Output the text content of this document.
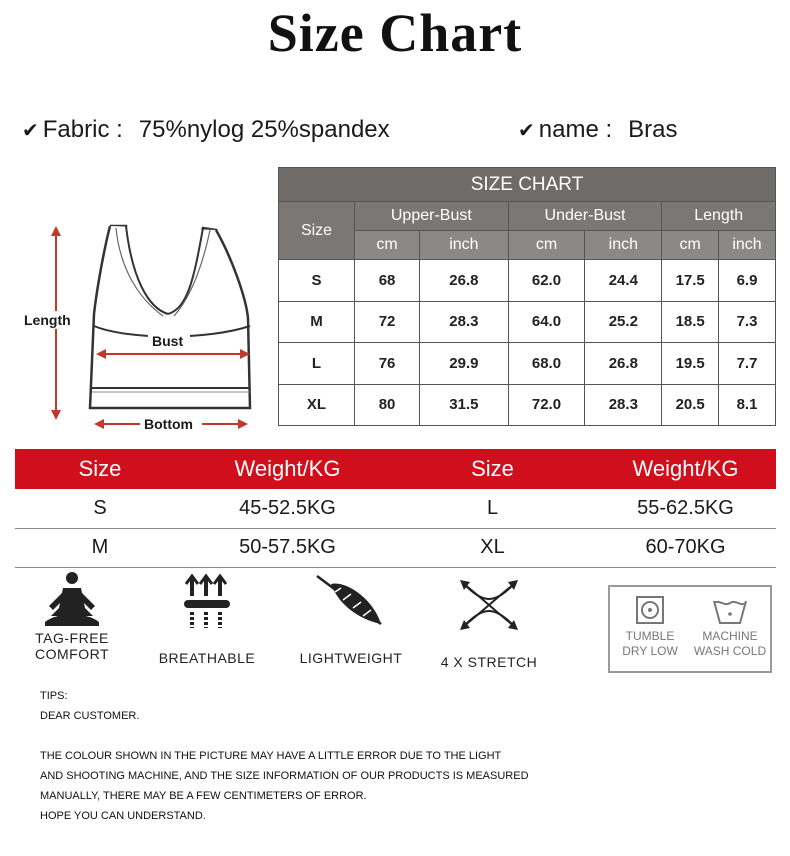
Size Chart
✔ Fabric : 75%nylog 25%spandex	✔ name : Bras
Length
Bust
Bottom
SIZE CHART						
Size	Upper-Bust		Under-Bust		Length	
	cm	inch	cm	inch	cm	inch
S	68	26.8	62.0	24.4	17.5	6.9
M	72	28.3	64.0	25.2	18.5	7.3
L	76	29.9	68.0	26.8	19.5	7.7
XL	80	31.5	72.0	28.3	20.5	8.1
Size	Weight/KG	Size	Weight/KG
S	45-52.5KG	L	55-62.5KG
M	50-57.5KG	XL	60-70KG
TAG-FREE
COMFORT	BREATHABLE	LIGHTWEIGHT	4 X STRETCH
TUMBLE
DRY LOW
MACHINE
WASH COLD
TIPS:
DEAR CUSTOMER.
THE COLOUR SHOWN IN THE PICTURE MAY HAVE A LITTLE ERROR DUE TO THE LIGHT
AND SHOOTING MACHINE, AND THE SIZE INFORMATION OF OUR PRODUCTS IS MEASURED
MANUALLY, THERE MAY BE A FEW CENTIMETERS OF ERROR.
HOPE YOU CAN UNDERSTAND.
